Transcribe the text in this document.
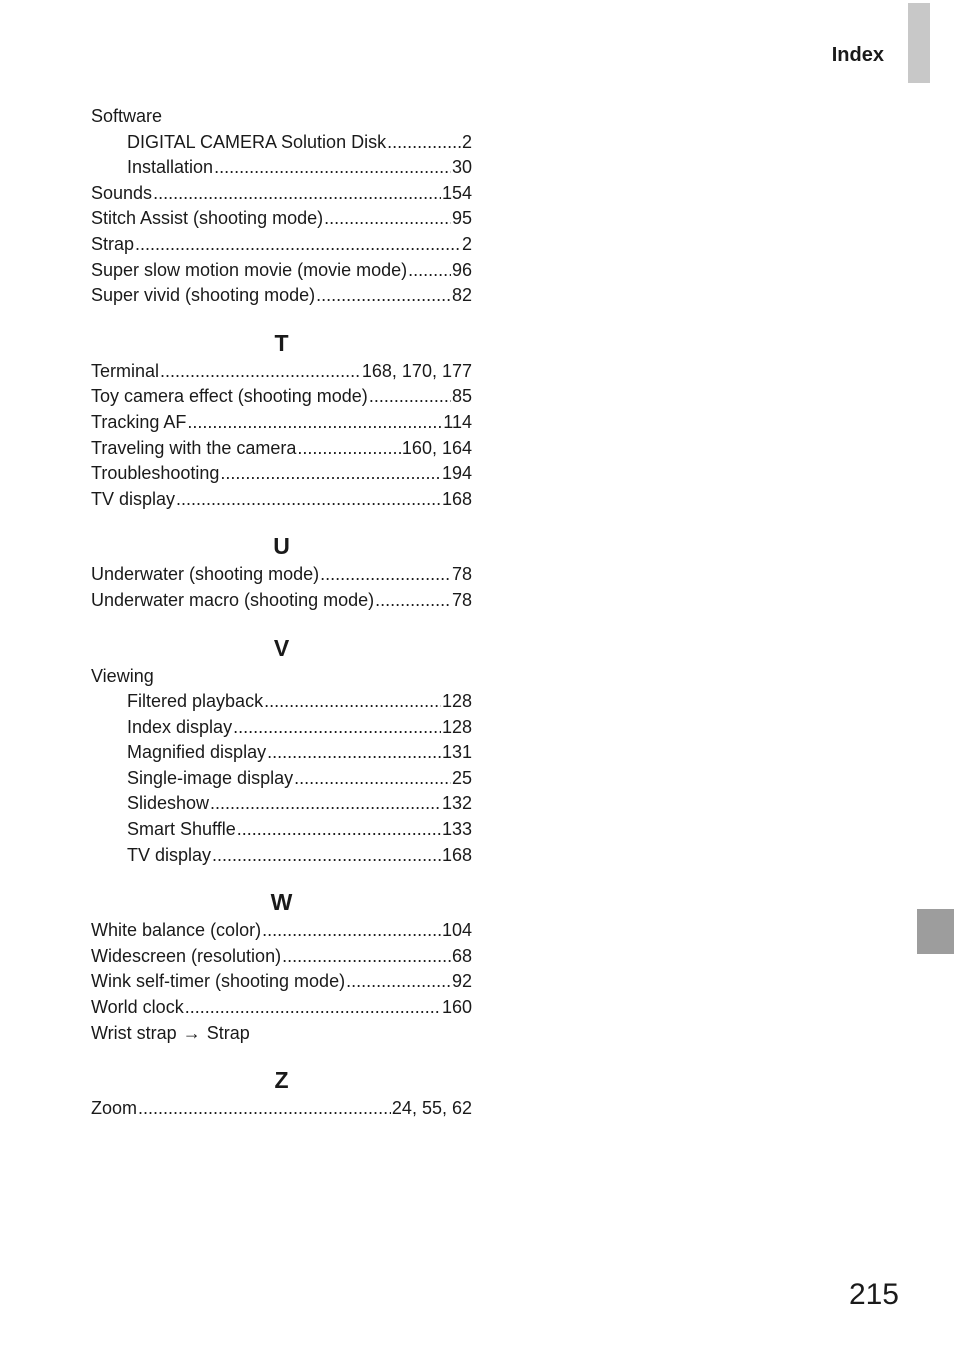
Index
Software
DIGITAL CAMERA Solution Disk .....	2
Installation .....	30
Sounds .....	154
Stitch Assist (shooting mode) .....	95
Strap .....	2
Super slow motion movie (movie mode) ..... 96
Super vivid (shooting mode) .....	82
T
Terminal .....	168, 170, 177
Toy camera effect (shooting mode) .....	85
Tracking AF .....	114
Traveling with the camera .....	160, 164
Troubleshooting .....	194
TV display .....	168
U
Underwater (shooting mode) .....	78
Underwater macro (shooting mode) .....	78
V
Viewing
Filtered playback .....	128
Index display .....	128
Magnified display .....	131
Single-image display .....	25
Slideshow .....	132
Smart Shuffle .....	133
TV display .....	168
W
White balance (color) .....	104
Widescreen (resolution) .....	68
Wink self-timer (shooting mode) .....	92
World clock .....	160
Wrist strap → Strap
Z
Zoom .....	24, 55, 62
215
